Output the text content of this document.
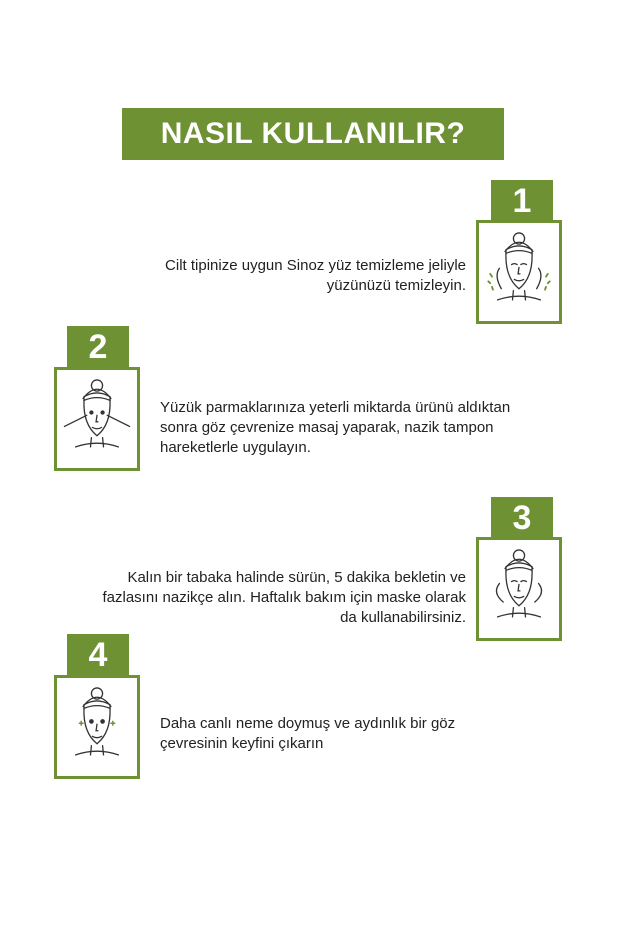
NASIL KULLANILIR?
1
Cilt tipinize uygun Sinoz yüz temizleme jeliyle yüzünüzü temizleyin.
2
Yüzük parmaklarınıza yeterli miktarda ürünü aldıktan sonra göz çevrenize masaj yaparak, nazik tampon hareketlerle uygulayın.
3
Kalın bir tabaka halinde sürün, 5 dakika bekletin ve fazlasını nazikçe alın. Haftalık bakım için maske olarak da kullanabilirsiniz.
4
Daha canlı neme doymuş ve aydınlık bir göz çevresinin keyfini çıkarın
